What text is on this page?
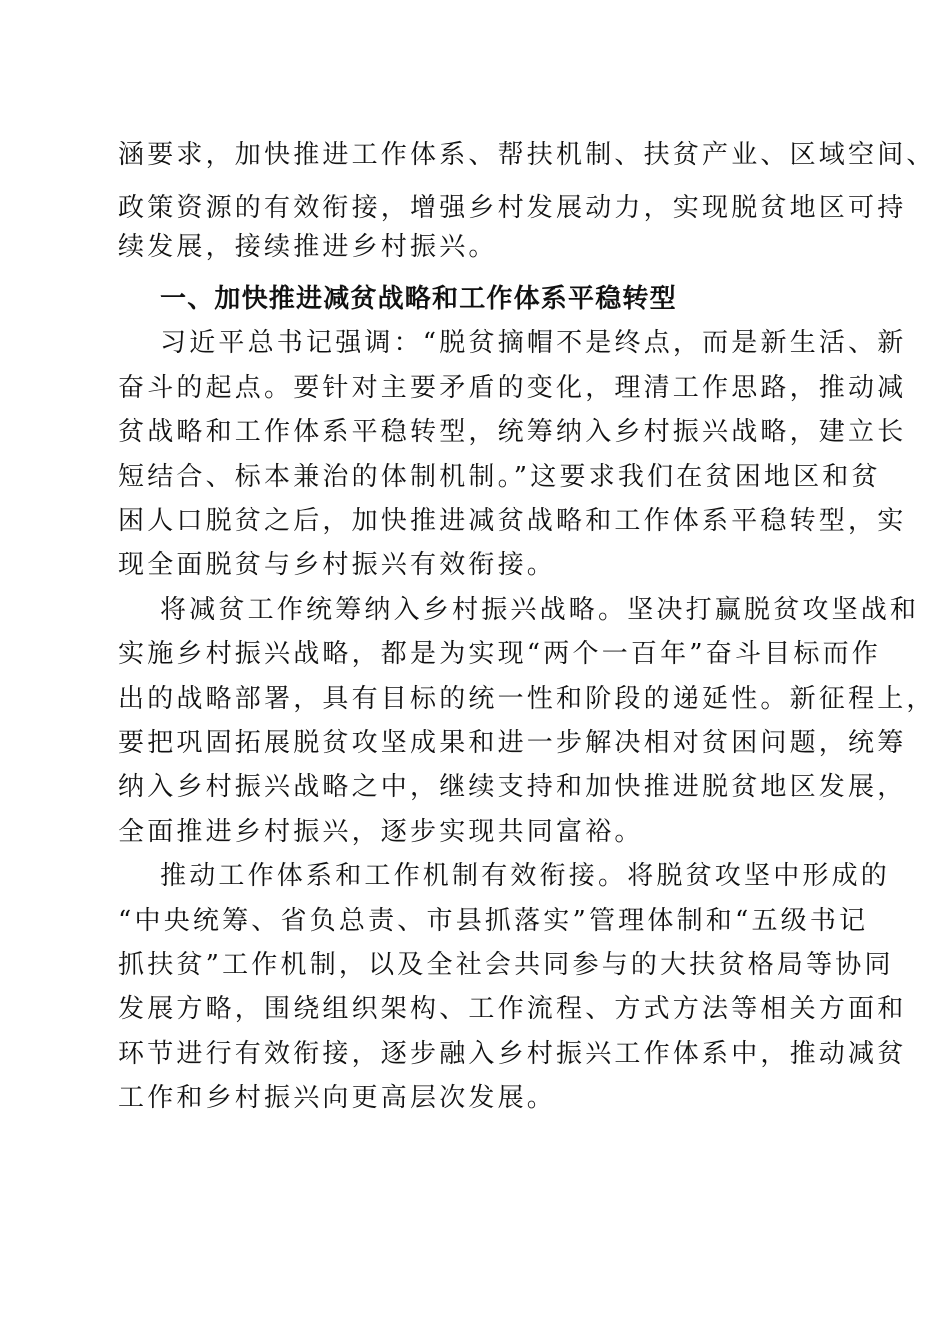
涵要求，加快推进工作体系、帮扶机制、扶贫产业、区域空间、
政策资源的有效衔接，增强乡村发展动力，实现脱贫地区可持
续发展，接续推进乡村振兴。
一、加快推进减贫战略和工作体系平稳转型
习近平总书记强调：“脱贫摘帽不是终点，而是新生活、新
奋斗的起点。要针对主要矛盾的变化，理清工作思路，推动减
贫战略和工作体系平稳转型，统筹纳入乡村振兴战略，建立长
短结合、标本兼治的体制机制。”这要求我们在贫困地区和贫
困人口脱贫之后，加快推进减贫战略和工作体系平稳转型，实
现全面脱贫与乡村振兴有效衔接。
将减贫工作统筹纳入乡村振兴战略。坚决打赢脱贫攻坚战和
实施乡村振兴战略，都是为实现“两个一百年”奋斗目标而作
出的战略部署，具有目标的统一性和阶段的递延性。新征程上，
要把巩固拓展脱贫攻坚成果和进一步解决相对贫困问题，统筹
纳入乡村振兴战略之中，继续支持和加快推进脱贫地区发展，
全面推进乡村振兴，逐步实现共同富裕。
推动工作体系和工作机制有效衔接。将脱贫攻坚中形成的
“中央统筹、省负总责、市县抓落实”管理体制和“五级书记
抓扶贫”工作机制，以及全社会共同参与的大扶贫格局等协同
发展方略，围绕组织架构、工作流程、方式方法等相关方面和
环节进行有效衔接，逐步融入乡村振兴工作体系中，推动减贫
工作和乡村振兴向更高层次发展。
